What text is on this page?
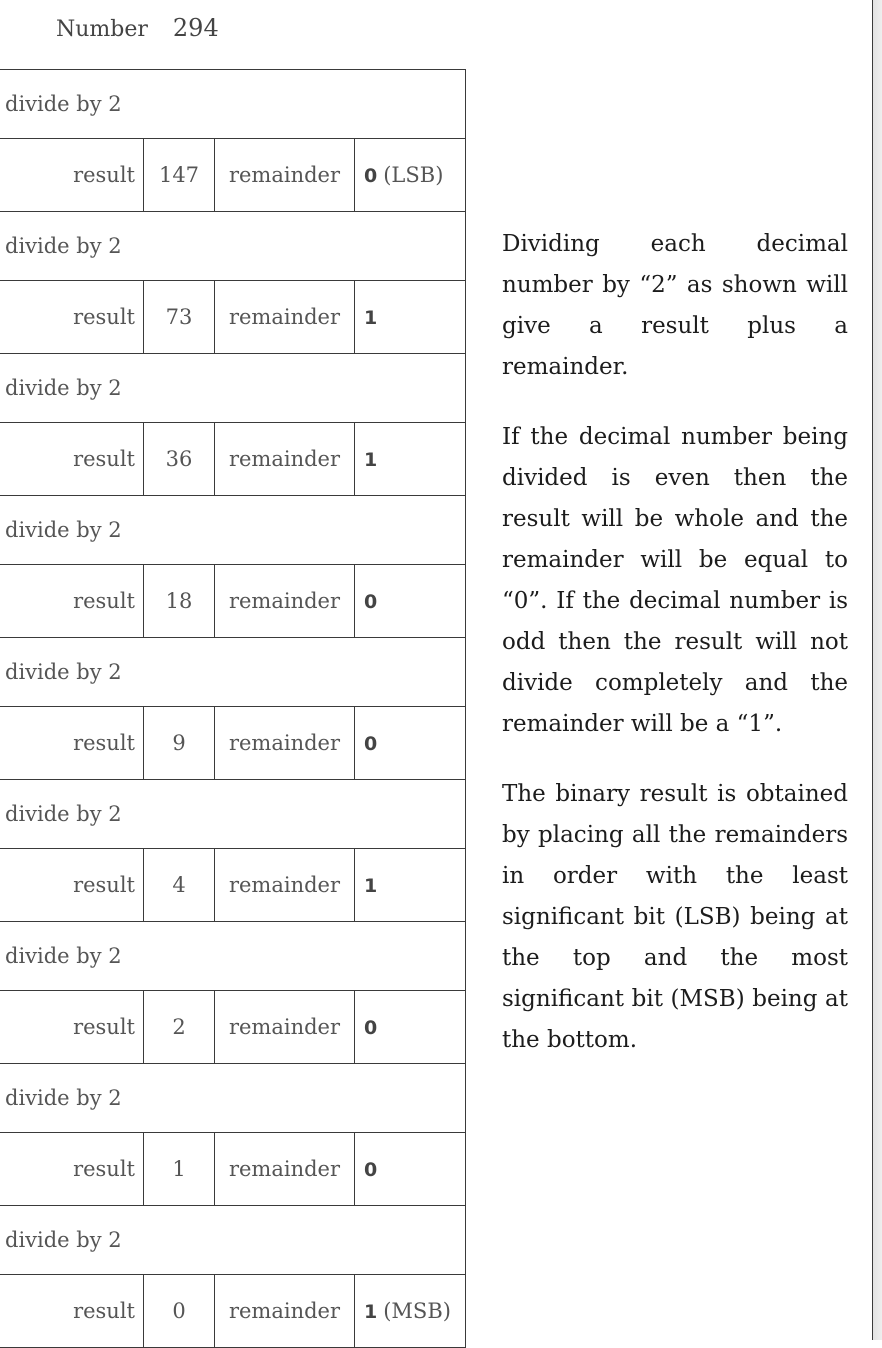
Number 294
divide by 2			
result	147	remainder	0 (LSB)
divide by 2			
result	73	remainder	1
divide by 2			
result	36	remainder	1
divide by 2			
result	18	remainder	0
divide by 2			
result	9	remainder	0
divide by 2			
result	4	remainder	1
divide by 2			
result	2	remainder	0
divide by 2			
result	1	remainder	0
divide by 2			
result	0	remainder	1 (MSB)

Dividing each decimal number by “2” as shown will give a result plus a remainder.

If the decimal number being divided is even then the result will be whole and the remainder will be equal to “0”. If the decimal number is odd then the result will not divide completely and the remainder will be a “1”.

The binary result is obtained by placing all the remainders in order with the least significant bit (LSB) being at the top and the most significant bit (MSB) being at the bottom.
